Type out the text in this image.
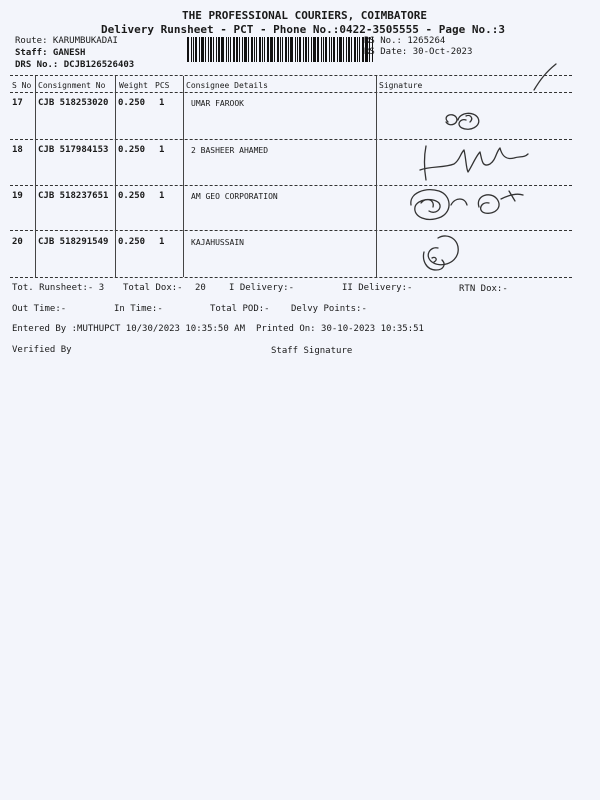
THE PROFESSIONAL COURIERS, COIMBATORE
Delivery Runsheet - PCT - Phone No.:0422-3505555 - Page No.:3
Route: KARUMBUKADAI
Staff: GANESH
DRS No.: DCJB126526403
RS No.: 1265264
RS Date: 30-Oct-2023
S No Consignment No Weight PCS Consignee Details	Signature
17 CJB 518253020 0.250 1	UMAR FAROOK
18 CJB 517984153 0.250 1	2 BASHEER AHAMED
19 CJB 518237651 0.250 1	AM GEO CORPORATION
20 CJB 518291549 0.250 1	KAJAHUSSAIN
Tot. Runsheet:- 3 Total Dox:- 20	I Delivery:-	II Delivery:-	RTN Dox:-
Out Time:-	In Time:-	Total POD:- Delvy Points:-
Entered By :MUTHUPCT 10/30/2023 10:35:50 AM Printed On: 30-10-2023 10:35:51
Verified By	Staff Signature
